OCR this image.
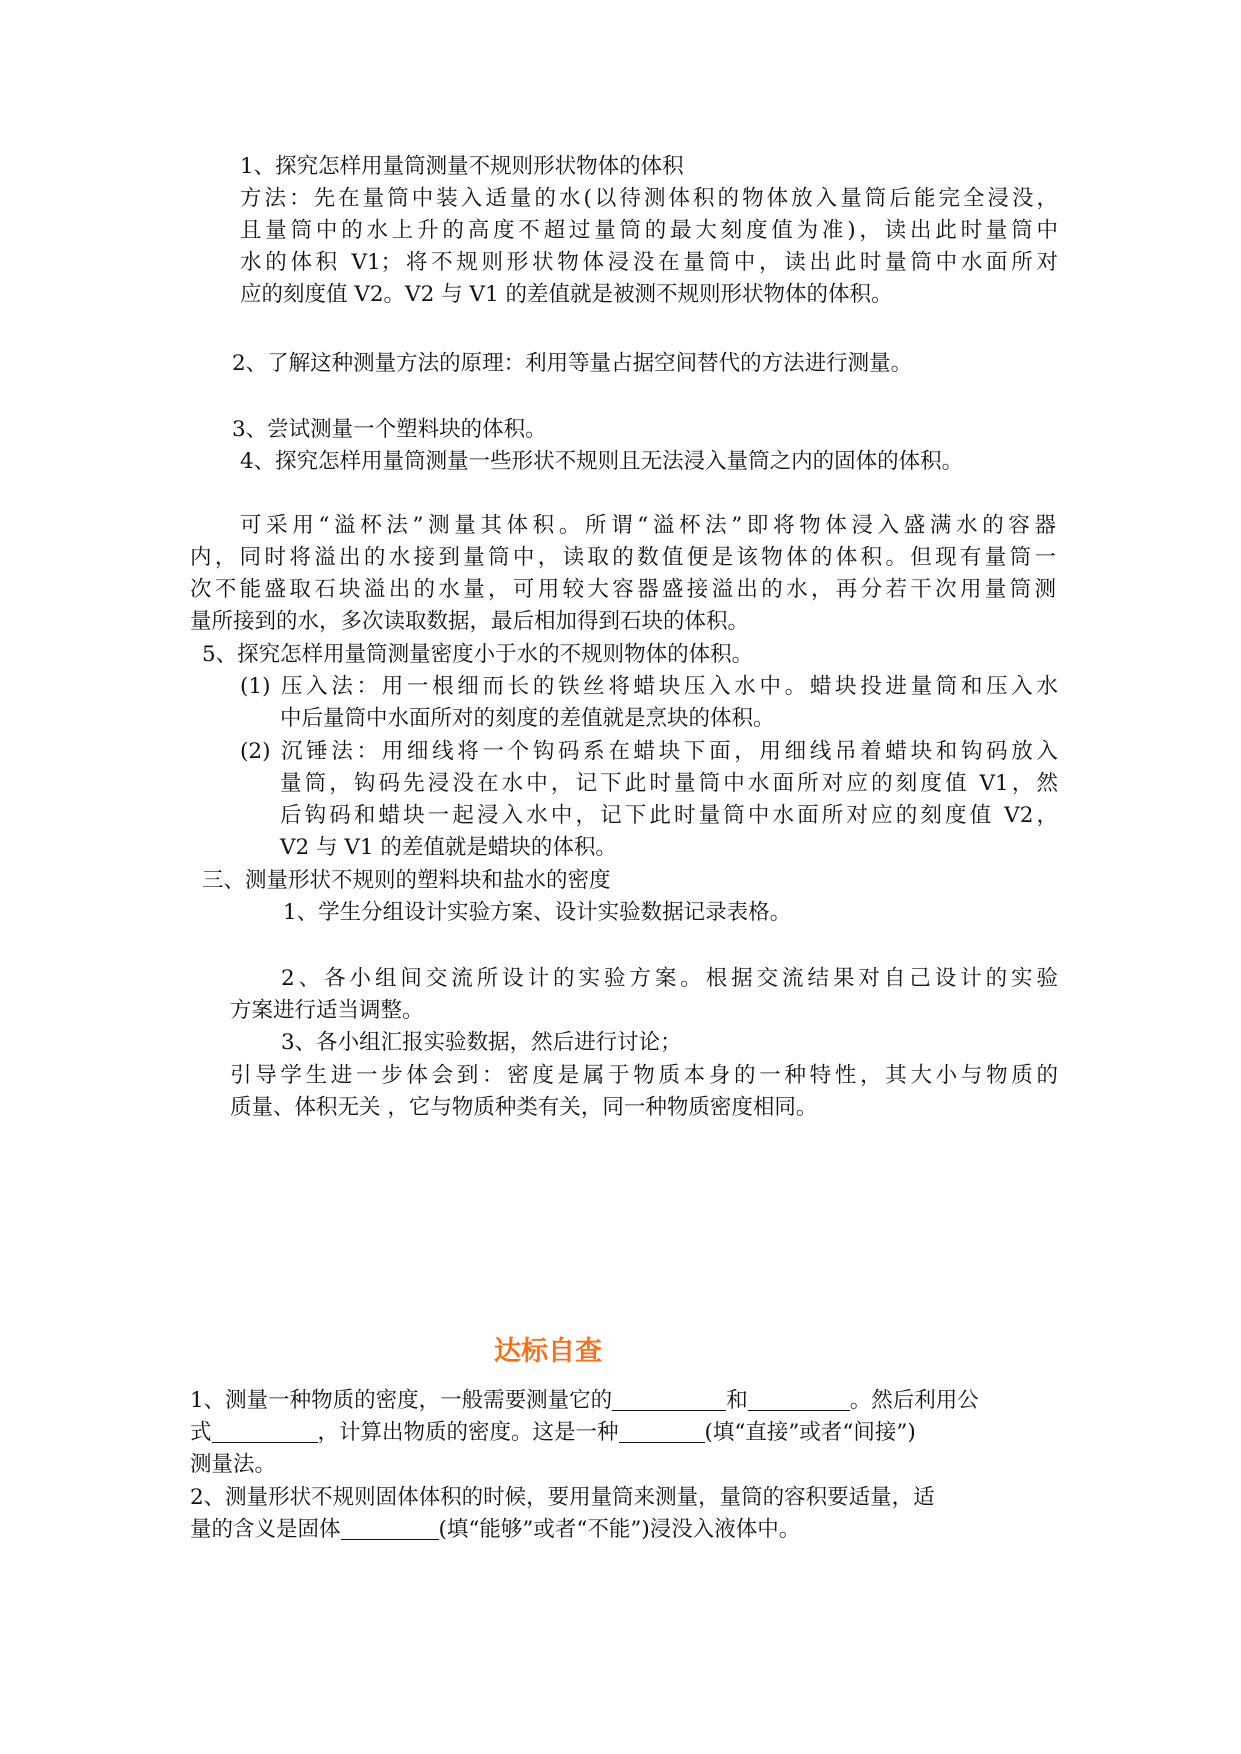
1、探究怎样用量筒测量不规则形状物体的体积
方法：先在量筒中装入适量的水(以待测体积的物体放入量筒后能完全浸没，
且量筒中的水上升的高度不超过量筒的最大刻度值为准)，读出此时量筒中
水的体积 V1；将不规则形状物体浸没在量筒中，读出此时量筒中水面所对
应的刻度值 V2。V2 与 V1 的差值就是被测不规则形状物体的体积。
2、了解这种测量方法的原理：利用等量占据空间替代的方法进行测量。
3、尝试测量一个塑料块的体积。
4、探究怎样用量筒测量一些形状不规则且无法浸入量筒之内的固体的体积。
可采用“溢杯法”测量其体积。所谓“溢杯法”即将物体浸入盛满水的容器
内，同时将溢出的水接到量筒中，读取的数值便是该物体的体积。但现有量筒一
次不能盛取石块溢出的水量，可用较大容器盛接溢出的水，再分若干次用量筒测
量所接到的水，多次读取数据，最后相加得到石块的体积。
5、探究怎样用量筒测量密度小于水的不规则物体的体积。
(1) 压入法：用一根细而长的铁丝将蜡块压入水中。蜡块投进量筒和压入水
中后量筒中水面所对的刻度的差值就是烹块的体积。
(2) 沉锤法：用细线将一个钩码系在蜡块下面，用细线吊着蜡块和钩码放入
量筒，钩码先浸没在水中，记下此时量筒中水面所对应的刻度值 V1，然
后钩码和蜡块一起浸入水中，记下此时量筒中水面所对应的刻度值 V2，
V2 与 V1 的差值就是蜡块的体积。
三、测量形状不规则的塑料块和盐水的密度
1、学生分组设计实验方案、设计实验数据记录表格。
2、各小组间交流所设计的实验方案。根据交流结果对自己设计的实验
方案进行适当调整。
3、各小组汇报实验数据，然后进行讨论；
引导学生进一步体会到：密度是属于物质本身的一种特性，其大小与物质的
质量、体积无关 ，它与物质种类有关，同一种物质密度相同。
达标自查
1、测量一种物质的密度，一般需要测量它的	和	。然后利用公
式	，计算出物质的密度。这是一种	(填“直接”或者“间接”)
测量法。
2、测量形状不规则固体体积的时候，要用量筒来测量，量筒的容积要适量，适
量的含义是固体	(填“能够”或者“不能”)浸没入液体中。
